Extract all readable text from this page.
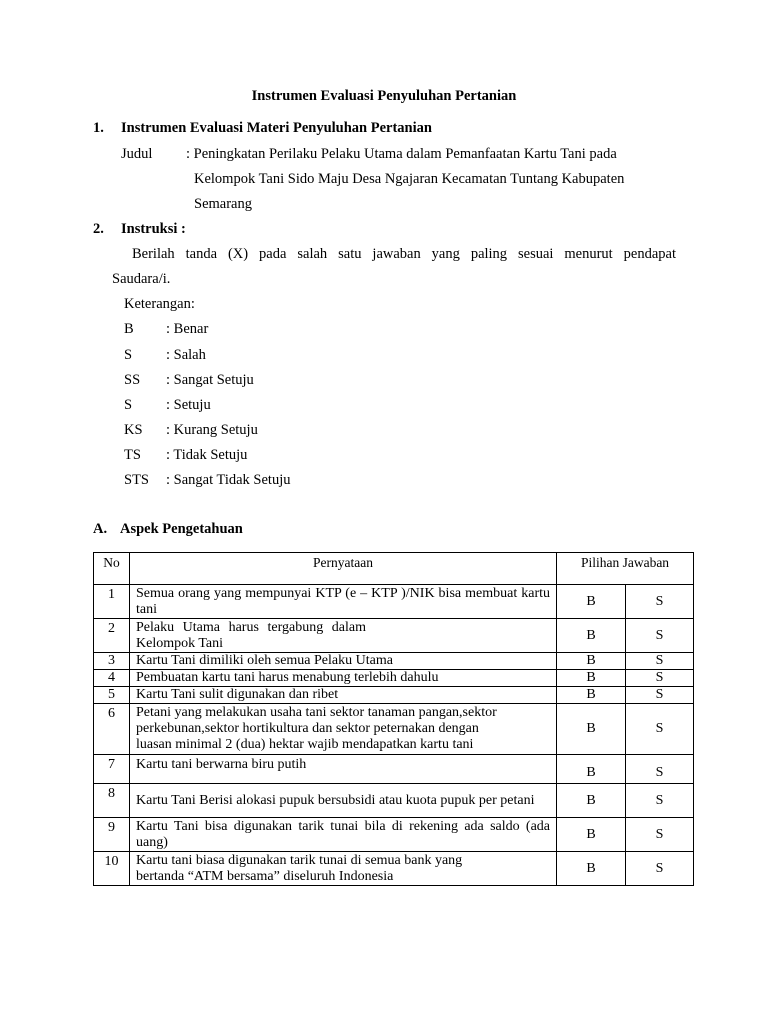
Instrumen Evaluasi Penyuluhan Pertanian
1. Instrumen Evaluasi Materi Penyuluhan Pertanian
Judul : Peningkatan Perilaku Pelaku Utama dalam Pemanfaatan Kartu Tani pada
Kelompok Tani Sido Maju Desa Ngajaran Kecamatan Tuntang Kabupaten
Semarang
2. Instruksi :
Berilah tanda (X) pada salah satu jawaban yang paling sesuai menurut pendapat
Saudara/i.
Keterangan:
B : Benar
S : Salah
SS : Sangat Setuju
S : Setuju
KS : Kurang Setuju
TS : Tidak Setuju
STS : Sangat Tidak Setuju
A. Aspek Pengetahuan
No	Pernyataan	Pilihan Jawaban	
1	Semua orang yang mempunyai KTP (e – KTP )/NIK bisa membuat kartu tani	B	S
2	Pelaku Utama harus tergabung dalam Kelompok Tani	B	S
3	Kartu Tani dimiliki oleh semua Pelaku Utama	B	S
4	Pembuatan kartu tani harus menabung terlebih dahulu	B	S
5	Kartu Tani sulit digunakan dan ribet	B	S
6	Petani yang melakukan usaha tani sektor tanaman pangan,sektor perkebunan,sektor hortikultura dan sektor peternakan dengan luasan minimal 2 (dua) hektar wajib mendapatkan kartu tani	B	S
7	Kartu tani berwarna biru putih	B	S
8	Kartu Tani Berisi alokasi pupuk bersubsidi atau kuota pupuk per petani	B	S
9	Kartu Tani bisa digunakan tarik tunai bila di rekening ada saldo (ada uang)	B	S
10	Kartu tani biasa digunakan tarik tunai di semua bank yang bertanda “ATM bersama” diseluruh Indonesia	B	S
